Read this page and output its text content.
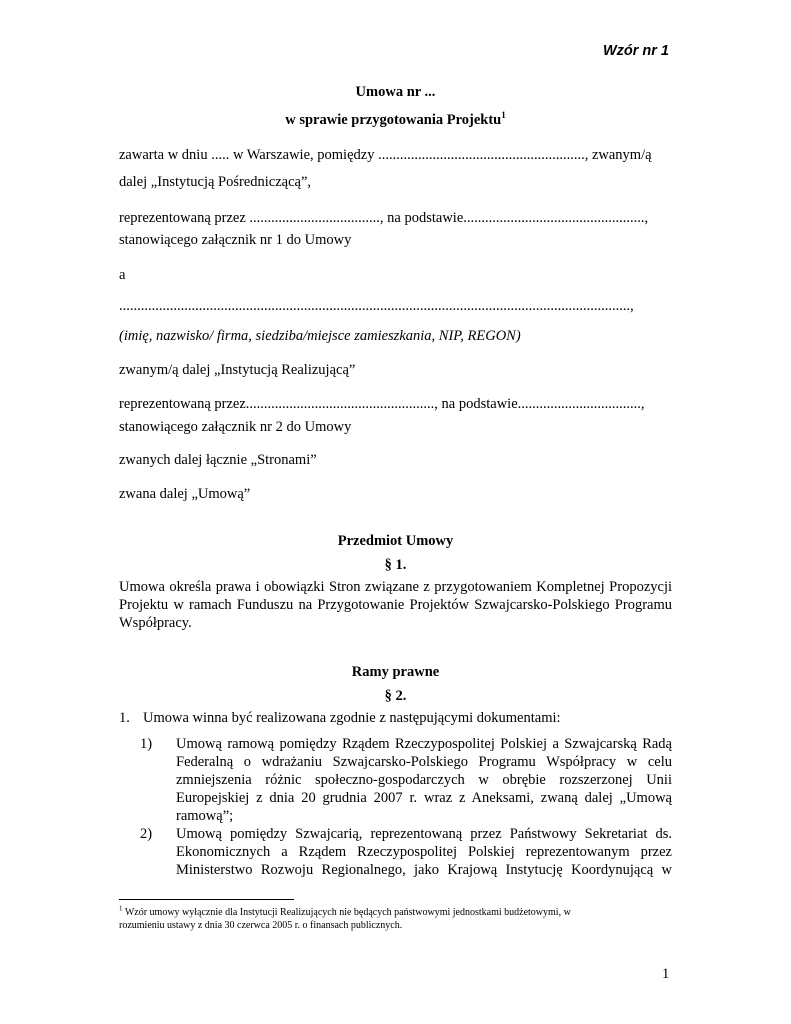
Wzór nr 1
Umowa nr ...
w sprawie przygotowania Projektu$^1$
zawarta w dniu ..... w Warszawie, pomiędzy ........................................................., zwanym/ą
dalej „Instytucją Pośredniczącą”,
reprezentowaną przez ...................................., na podstawie..................................................,
stanowiącego załącznik nr 1 do Umowy
a
.............................................................................................................................................,
(imię, nazwisko/ firma, siedziba/miejsce zamieszkania, NIP, REGON)
zwanym/ą dalej „Instytucją Realizującą”
reprezentowaną przez...................................................., na podstawie..................................,
stanowiącego załącznik nr 2 do Umowy
zwanych dalej łącznie „Stronami”
zwana dalej „Umową”
Przedmiot Umowy
§ 1.
Umowa określa prawa i obowiązki Stron związane z przygotowaniem Kompletnej Propozycji Projektu w ramach Funduszu na Przygotowanie Projektów Szwajcarsko-Polskiego Programu Współpracy.
Ramy prawne
§ 2.
1. Umowa winna być realizowana zgodnie z następującymi dokumentami:
1) Umową ramową pomiędzy Rządem Rzeczypospolitej Polskiej a Szwajcarską Radą
Federalną o wdrażaniu Szwajcarsko-Polskiego Programu Współpracy w celu
zmniejszenia różnic społeczno-gospodarczych w obrębie rozszerzonej Unii
Europejskiej z dnia 20 grudnia 2007 r. wraz z Aneksami, zwaną dalej „Umową
ramową”;
2) Umową pomiędzy Szwajcarią, reprezentowaną przez Państwowy Sekretariat ds.
Ekonomicznych a Rządem Rzeczypospolitej Polskiej reprezentowanym przez
Ministerstwo Rozwoju Regionalnego, jako Krajową Instytucję Koordynującą w
$^1$ Wzór umowy wyłącznie dla Instytucji Realizujących nie będących państwowymi jednostkami budżetowymi, w
rozumieniu ustawy z dnia 30 czerwca 2005 r. o finansach publicznych.
1
